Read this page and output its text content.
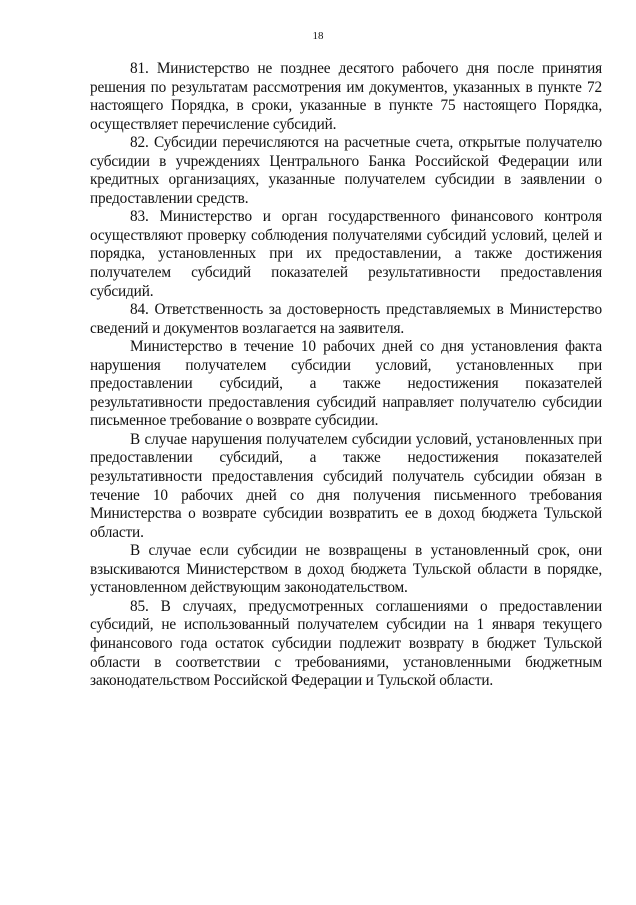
18

81. Министерство не позднее десятого рабочего дня после принятия решения по результатам рассмотрения им документов, указанных в пункте 72 настоящего Порядка, в сроки, указанные в пункте 75 настоящего Порядка, осуществляет перечисление субсидий.

82. Субсидии перечисляются на расчетные счета, открытые получателю субсидии в учреждениях Центрального Банка Российской Федерации или кредитных организациях, указанные получателем субсидии в заявлении о предоставлении средств.

83. Министерство и орган государственного финансового контроля осуществляют проверку соблюдения получателями субсидий условий, целей и порядка, установленных при их предоставлении, а также достижения получателем субсидий показателей результативности предоставления субсидий.

84. Ответственность за достоверность представляемых в Министерство сведений и документов возлагается на заявителя.

Министерство в течение 10 рабочих дней со дня установления факта нарушения получателем субсидии условий, установленных при предоставлении субсидий, а также недостижения показателей результативности предоставления субсидий направляет получателю субсидии письменное требование о возврате субсидии.

В случае нарушения получателем субсидии условий, установленных при предоставлении субсидий, а также недостижения показателей результативности предоставления субсидий получатель субсидии обязан в течение 10 рабочих дней со дня получения письменного требования Министерства о возврате субсидии возвратить ее в доход бюджета Тульской области.

В случае если субсидии не возвращены в установленный срок, они взыскиваются Министерством в доход бюджета Тульской области в порядке, установленном действующим законодательством.

85. В случаях, предусмотренных соглашениями о предоставлении субсидий, не использованный получателем субсидии на 1 января текущего финансового года остаток субсидии подлежит возврату в бюджет Тульской области в соответствии с требованиями, установленными бюджетным законодательством Российской Федерации и Тульской области.
